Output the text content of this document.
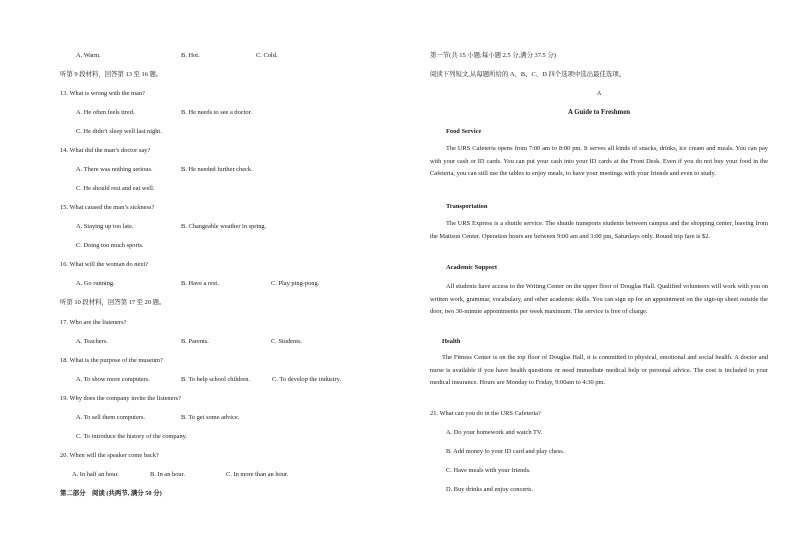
A. Warm.	B. Hot.	C. Cold.
听第 9 段材料，回答第 13 至 16 题。
13. What is wrong with the man?
A. He often feels tired.	B. He needs to see a doctor.
C. He didn’t sleep well last night.
14. What did the man’s doctor say?
A. There was nothing serious.	B. He needed further check.
C. He should rest and eat well.
15. What caused the man’s sickness?
A. Staying up too late.	B. Changeable weather in spring.
C. Doing too much sports.
16. What will the woman do next?
A. Go running.	B. Have a rest.	C. Play ping-pong.
听第 10 段材料，回答第 17 至 20 题。
17. Who are the listeners?
A. Teachers.	B. Parents.	C. Students.
18. What is the purpose of the museum?
A. To show more computers.	B. To help school children.	C. To develop the industry.
19. Why does the company invite the listeners?
A. To sell them computers.	B. To get some advice.
C. To introduce the history of the company.
20. When will the speaker come back?
A. In half an hour.	B. In an hour.	C. In more than an hour.
第二部分　阅读 (共两节, 满分 50 分)
第一节(共 15 小题;每小题 2.5 分,满分 37.5 分)
阅读下列短文,从每题所给的 A、B、C、D 四个选项中选出最佳选项。
A
A Guide to Freshmen
Food Service
The URS Cafeteria opens from 7:00 am to 8:00 pm. It serves all kinds of snacks, drinks, ice cream and meals. You can pay with your cash or ID cards. You can put your cash into your ID cards at the Front Desk. Even if you do not buy your food in the Cafeteria, you can still use the tables to enjoy meals, to have your meetings with your friends and even to study.
Transportation
The URS Express is a shuttle service. The shuttle transports students between campus and the shopping center, leaving from the Mattson Center. Operation hours are between 9:00 am and 3:00 pm, Saturdays only. Round trip fare is $2.
Academic Support
All students have access to the Writing Center on the upper floor of Douglas Hall. Qualified volunteers will work with you on written work, grammar, vocabulary, and other academic skills. You can sign up for an appointment on the sign-up sheet outside the door, two 30-minute appointments per week maximum. The service is free of charge.
Health
The Fitness Center is on the top floor of Douglas Hall, it is committed to physical, emotional and social health. A doctor and nurse is available if you have health questions or need immediate medical help or personal advice. The cost is included in your medical insurance. Hours are Monday to Friday, 9:00am to 4:30 pm.
21. What can you do in the URS Cafeteria?
A. Do your homework and watch TV.
B. Add money to your ID card and play chess.
C. Have meals with your friends.
D. Buy drinks and enjoy concerts.
